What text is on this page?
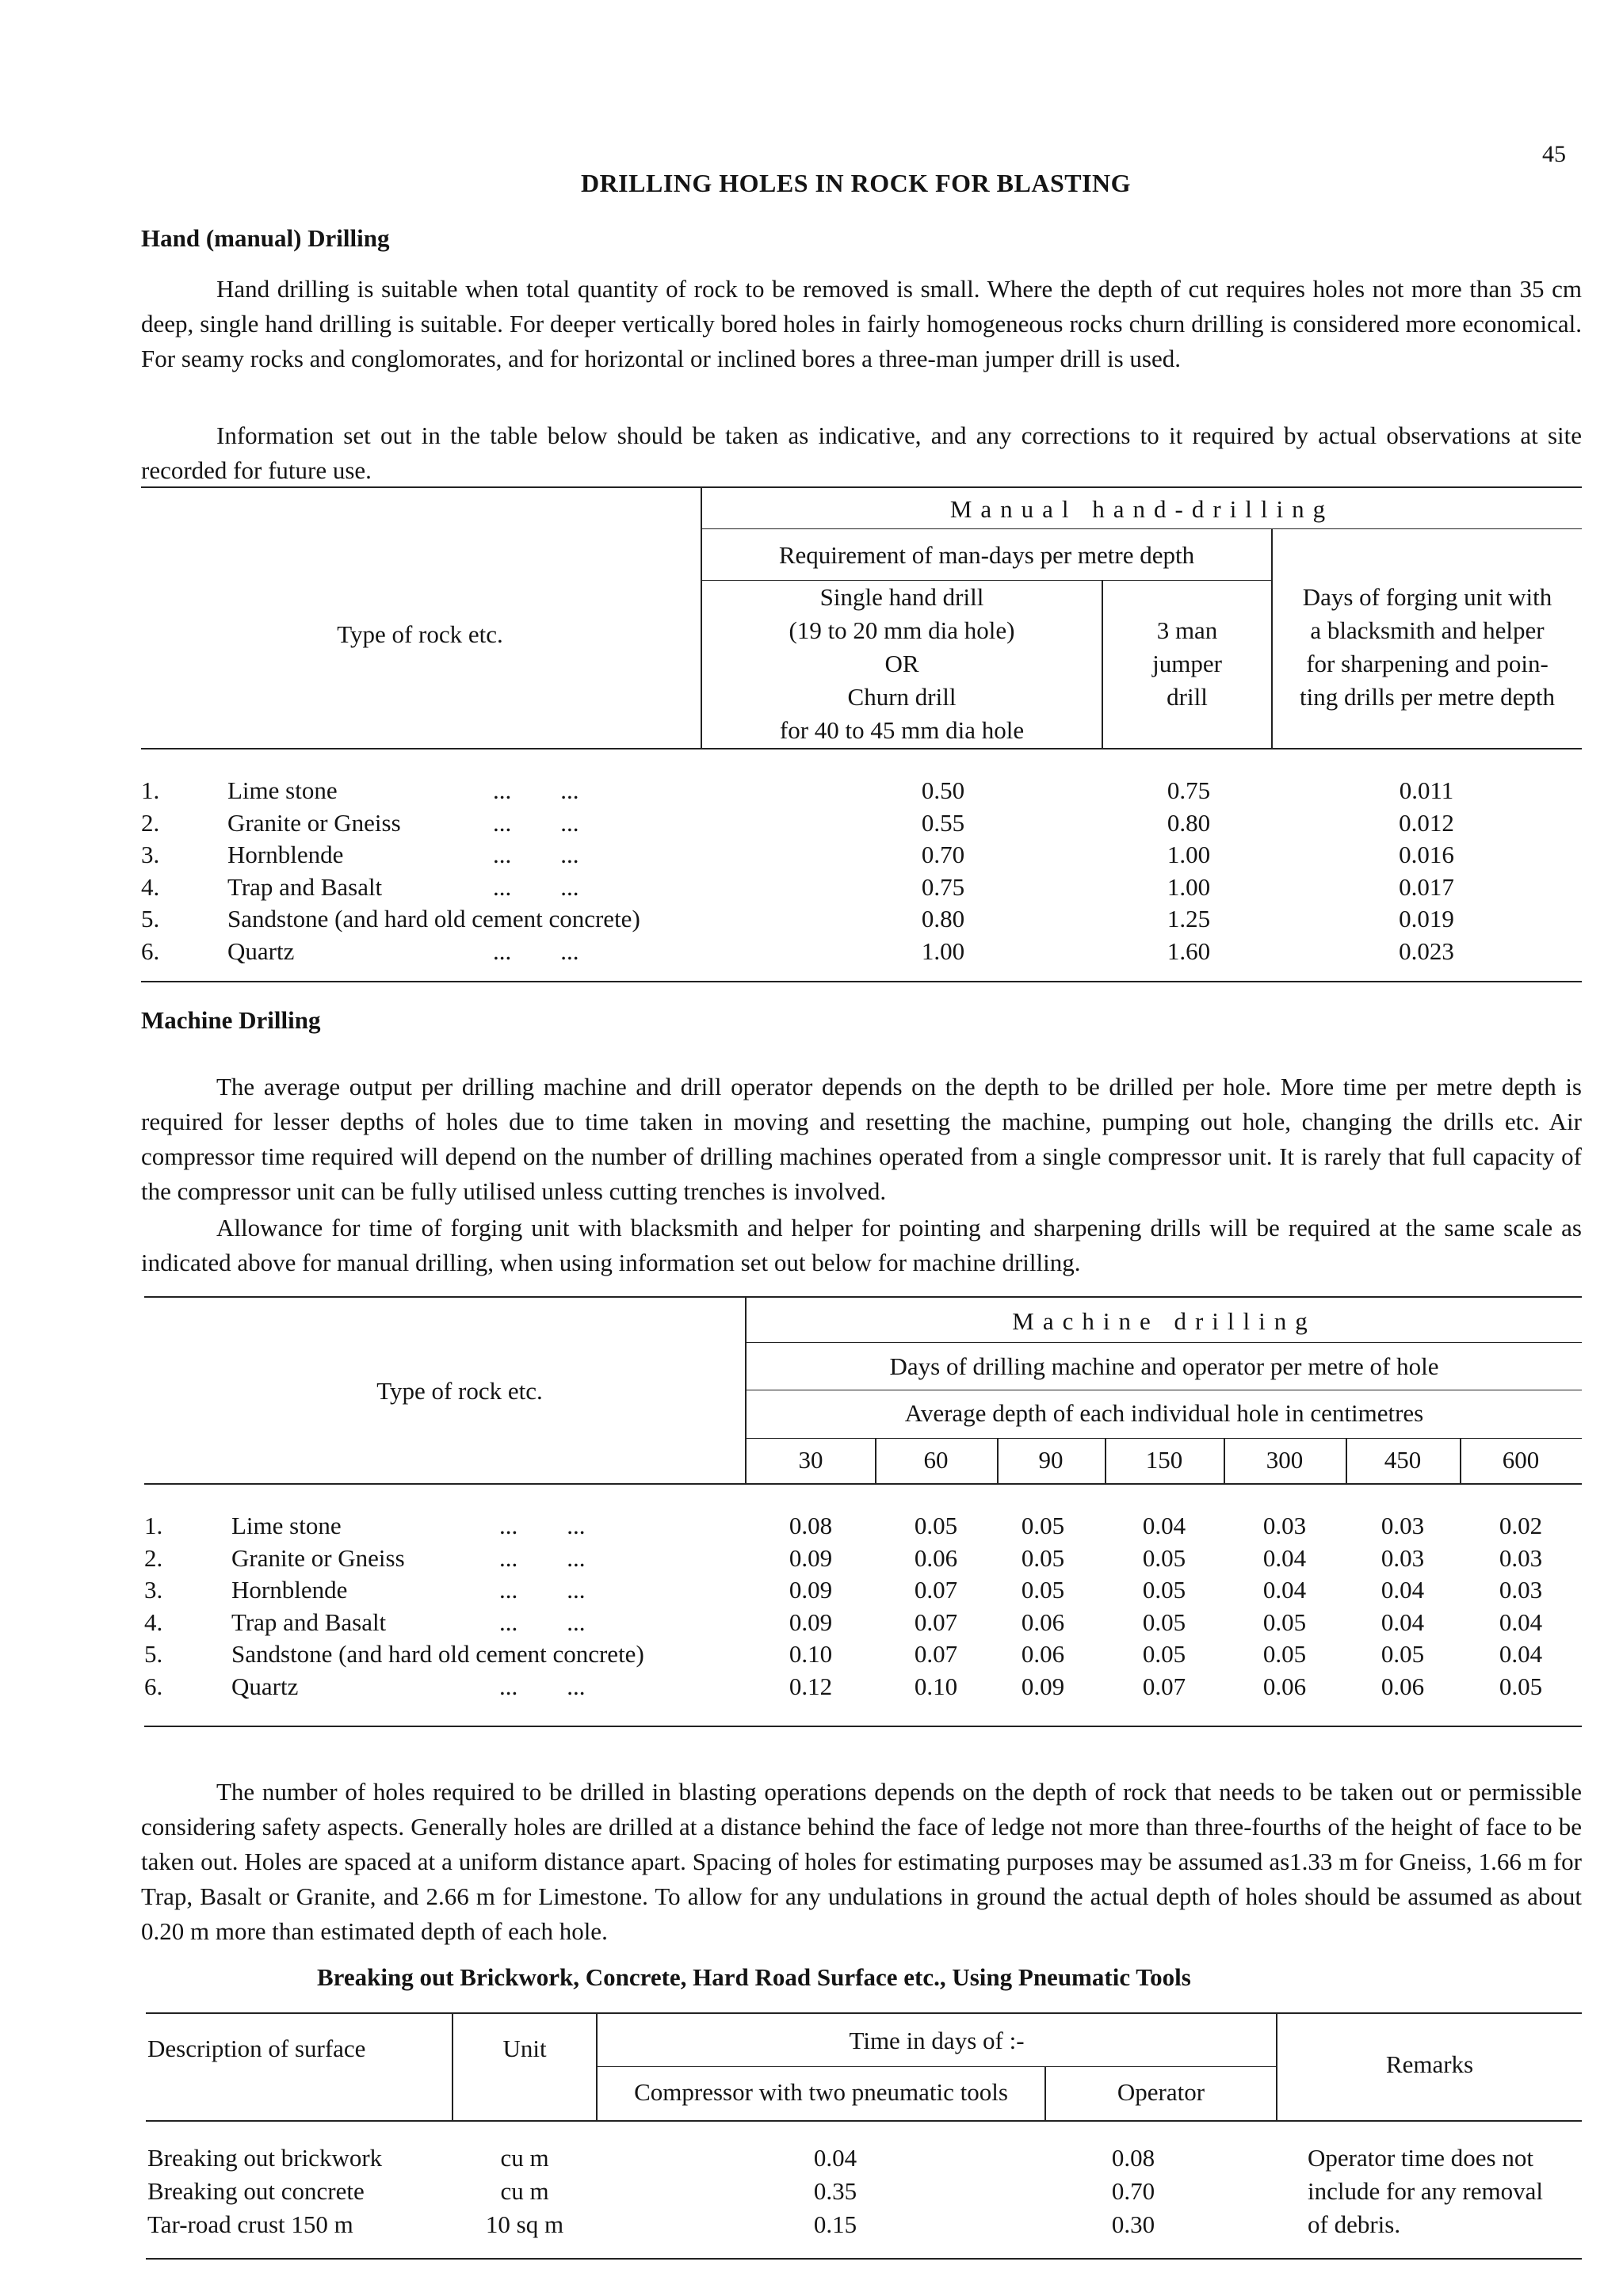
45
DRILLING HOLES IN ROCK FOR BLASTING
Hand (manual) Drilling
Hand drilling is suitable when total quantity of rock to be removed is small. Where the depth of cut requires holes not more than 35 cm deep, single hand drilling is suitable. For deeper vertically bored holes in fairly homogeneous rocks churn drilling is considered more economical. For seamy rocks and conglomorates, and for horizontal or inclined bores a three-man jumper drill is used.
Information set out in the table below should be taken as indicative, and any corrections to it required by actual observations at site recorded for future use.
Manual hand-drilling
Requirement of man-days per metre depth
Type of rock etc.
Single hand drill
(19 to 20 mm dia hole)
OR
Churn drill
for 40 to 45 mm dia hole
3 man
jumper
drill
Days of forging unit with
a blacksmith and helper
for sharpening and poin-
ting drills per metre depth
1.	Lime stone	...        ...	0.50	0.75	0.011
2.	Granite or Gneiss	...        ...	0.55	0.80	0.012
3.	Hornblende	...        ...	0.70	1.00	0.016
4.	Trap and Basalt	...        ...	0.75	1.00	0.017
5.	Sandstone (and hard old cement concrete)	0.80	1.25	0.019
6.	Quartz	...        ...	1.00	1.60	0.023
Machine Drilling
The average output per drilling machine and drill operator depends on the depth to be drilled per hole. More time per metre depth is required for lesser depths of holes due to time taken in moving and resetting the machine, pumping out hole, changing the drills etc. Air compressor time required will depend on the number of drilling machines operated from a single compressor unit. It is rarely that full capacity of the compressor unit can be fully utilised unless cutting trenches is involved.
Allowance for time of forging unit with blacksmith and helper for pointing and sharpening drills will be required at the same scale as indicated above for manual drilling, when using information set out below for machine drilling.
Machine drilling
Days of drilling machine and operator per metre of hole
Average depth of each individual hole in centimetres
Type of rock etc.
30	60	90	150	300	450	600
1.	Lime stone	...        ...	0.08	0.05	0.05	0.04	0.03	0.03	0.02
2.	Granite or Gneiss	...        ...	0.09	0.06	0.05	0.05	0.04	0.03	0.03
3.	Hornblende	...        ...	0.09	0.07	0.05	0.05	0.04	0.04	0.03
4.	Trap and Basalt	...        ...	0.09	0.07	0.06	0.05	0.05	0.04	0.04
5.	Sandstone (and hard old cement concrete)	0.10	0.07	0.06	0.05	0.05	0.05	0.04
6.	Quartz	...        ...	0.12	0.10	0.09	0.07	0.06	0.06	0.05
The number of holes required to be drilled in blasting operations depends on the depth of rock that needs to be taken out or permissible considering safety aspects. Generally holes are drilled at a distance behind the face of ledge not more than three-fourths of the height of face to be taken out. Holes are spaced at a uniform distance apart. Spacing of holes for estimating purposes may be assumed as1.33 m for Gneiss, 1.66 m for Trap, Basalt or Granite, and 2.66 m for Limestone. To allow for any undulations in ground the actual depth of holes should be assumed as about 0.20 m more than estimated depth of each hole.
Breaking out Brickwork, Concrete, Hard Road Surface etc., Using Pneumatic Tools
Description of surface	Unit	Time in days of :-
Compressor with two pneumatic tools	Operator
Remarks
Breaking out brickwork	cu m	0.04	0.08	Operator time does not
Breaking out concrete	cu m	0.35	0.70	include for any removal
Tar-road crust 150 m	10 sq m	0.15	0.30	of debris.
